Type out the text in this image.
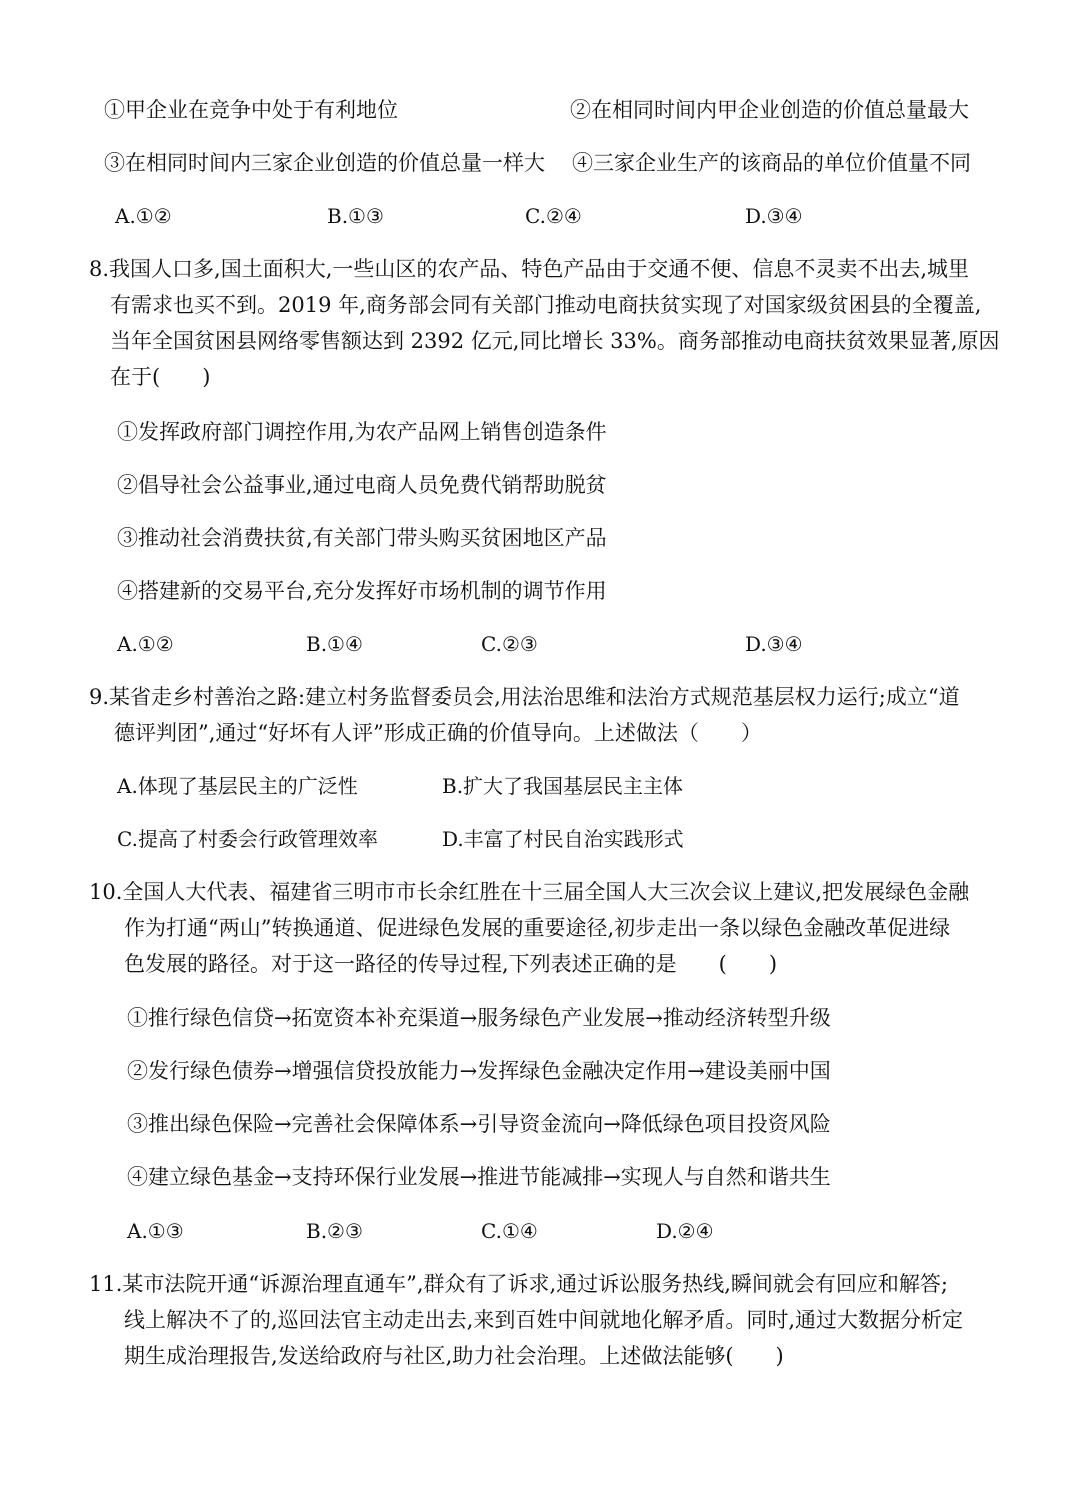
①甲企业在竞争中处于有利地位	②在相同时间内甲企业创造的价值总量最大
③在相同时间内三家企业创造的价值总量一样大 ④三家企业生产的该商品的单位价值量不同
A.①②	B.①③	C.②④	D.③④
8.我国人口多,国土面积大,一些山区的农产品、特色产品由于交通不便、信息不灵卖不出去,城里
有需求也买不到。2019 年,商务部会同有关部门推动电商扶贫实现了对国家级贫困县的全覆盖,
当年全国贫困县网络零售额达到 2392 亿元,同比增长 33%。商务部推动电商扶贫效果显著,原因
在于(　　)
①发挥政府部门调控作用,为农产品网上销售创造条件
②倡导社会公益事业,通过电商人员免费代销帮助脱贫
③推动社会消费扶贫,有关部门带头购买贫困地区产品
④搭建新的交易平台,充分发挥好市场机制的调节作用
A.①②	B.①④	C.②③	D.③④
9.某省走乡村善治之路:建立村务监督委员会,用法治思维和法治方式规范基层权力运行;成立“道
德评判团”,通过“好坏有人评”形成正确的价值导向。上述做法（　　）
A.体现了基层民主的广泛性	B.扩大了我国基层民主主体
C.提高了村委会行政管理效率	D.丰富了村民自治实践形式
10.全国人大代表、福建省三明市市长余红胜在十三届全国人大三次会议上建议,把发展绿色金融
作为打通“两山”转换通道、促进绿色发展的重要途径,初步走出一条以绿色金融改革促进绿
色发展的路径。对于这一路径的传导过程,下列表述正确的是　　(　　)
①推行绿色信贷→拓宽资本补充渠道→服务绿色产业发展→推动经济转型升级
②发行绿色债券→增强信贷投放能力→发挥绿色金融决定作用→建设美丽中国
③推出绿色保险→完善社会保障体系→引导资金流向→降低绿色项目投资风险
④建立绿色基金→支持环保行业发展→推进节能减排→实现人与自然和谐共生
A.①③	B.②③	C.①④	D.②④
11.某市法院开通“诉源治理直通车”,群众有了诉求,通过诉讼服务热线,瞬间就会有回应和解答;
线上解决不了的,巡回法官主动走出去,来到百姓中间就地化解矛盾。同时,通过大数据分析定
期生成治理报告,发送给政府与社区,助力社会治理。上述做法能够(　　)
